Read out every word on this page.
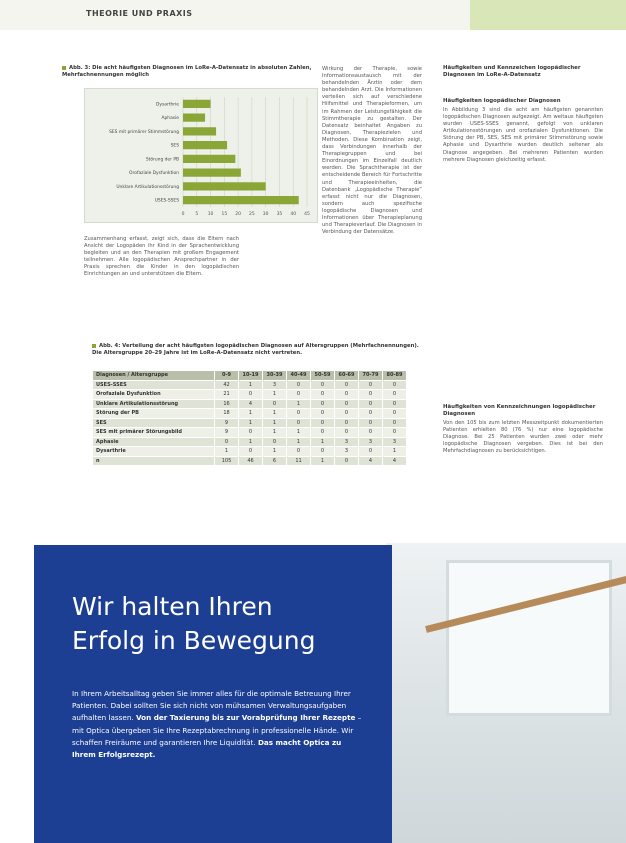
THEORIE UND PRAXIS
Abb. 3: Die acht häufigsten Diagnosen im LoRe-A-Datensatz in absoluten Zahlen, Mehrfachnennungen möglich
0 5 10 15 20 25 30 35 40 45
Dysarthrie
Aphasie
SES mit primärer Stimmstörung
SES
Störung der PB
Orofaziale Dysfunktion
Unklare Artikulationsstörung
USES-SSES
Zusammenhang erfasst, zeigt sich, dass die Eltern nach Ansicht der Logopäden ihr Kind in der Sprachentwicklung begleiten und an den Therapien mit großem Engagement teilnehmen. Alle logopädischen Ansprechpartner in der Praxis sprechen die Kinder in den logopädischen Einrichtungen an und unterstützen die Eltern.
Wirkung der Therapie, sowie Informationsaustausch mit der behandelnden Ärztin oder dem behandelnden Arzt. Die Informationen verteilen sich auf verschiedene Hilfsmittel und Therapieformen, um im Rahmen der Leistungsfähigkeit die Stimmtherapie zu gestalten. Der Datensatz beinhaltet Angaben zu Diagnosen, Therapiezielen und Methoden. Diese Kombination zeigt, dass Verbindungen innerhalb der Therapiegruppen und bei Einordnungen im Einzelfall deutlich werden. Die Sprachtherapie ist der entscheidende Bereich für Fortschritte und Therapieeinheiten, die Datenbank „Logopädische Therapie“ erfasst nicht nur die Diagnosen, sondern auch spezifische logopädische Diagnosen und Informationen über Therapieplanung und Therapieverlauf. Die Diagnosen in Verbindung der Datensätze.
Häufigkeiten und Kennzeichen logopädischer Diagnosen im LoRe-A-Datensatz
Häufigkeiten logopädischer Diagnosen
In Abbildung 3 sind die acht am häufigsten genannten logopädischen Diagnosen aufgezeigt. Am weitaus häufigsten wurden USES-SSES genannt, gefolgt von unklaren Artikulationsstörungen und orofazialen Dysfunktionen. Die Störung der PB, SES, SES mit primärer Stimmstörung sowie Aphasie und Dysarthrie wurden deutlich seltener als Diagnose angegeben. Bei mehreren Patienten wurden mehrere Diagnosen gleichzeitig erfasst.
Häufigkeiten von Kennzeichnungen logopädischer Diagnosen
Von den 105 bis zum letzten Messzeitpunkt dokumentierten Patienten erhielten 80 (76 %) nur eine logopädische Diagnose. Bei 25 Patienten wurden zwei oder mehr logopädische Diagnosen vergeben. Dies ist bei den Mehrfachdiagnosen zu berücksichtigen.
Abb. 4: Verteilung der acht häufigsten logopädischen Diagnosen auf Altersgruppen (Mehrfachnennungen). Die Altersgruppe 20–29 Jahre ist im LoRe-A-Datensatz nicht vertreten.
Diagnosen / Altersgruppe	0-9	10-19	30-39	40-49	50-59	60-69	70-79	80-89
USES-SSES	42	1	3	0	0	0	0	0
Orofaziale Dysfunktion	21	0	1	0	0	0	0	0
Unklare Artikulationsstörung	16	4	0	1	0	0	0	0
Störung der PB	18	1	1	0	0	0	0	0
SES	9	1	1	0	0	0	0	0
SES mit primärer Störungsbild	9	0	1	1	0	0	0	0
Aphasie	0	1	0	1	1	3	3	3
Dysarthrie	1	0	1	0	0	3	0	1
n	105	46	6	11	1	0	4	4
Wir halten Ihren
Erfolg in Bewegung
In Ihrem Arbeitsalltag geben Sie immer alles für die optimale Betreuung Ihrer Patienten. Dabei sollten Sie sich nicht von mühsamen Verwaltungsaufgaben aufhalten lassen. Von der Taxierung bis zur Vorabprüfung Ihrer Rezepte – mit Optica übergeben Sie Ihre Rezeptabrechnung in professionelle Hände. Wir schaffen Freiräume und garantieren Ihre Liquidität. Das macht Optica zu Ihrem Erfolgsrezept.
